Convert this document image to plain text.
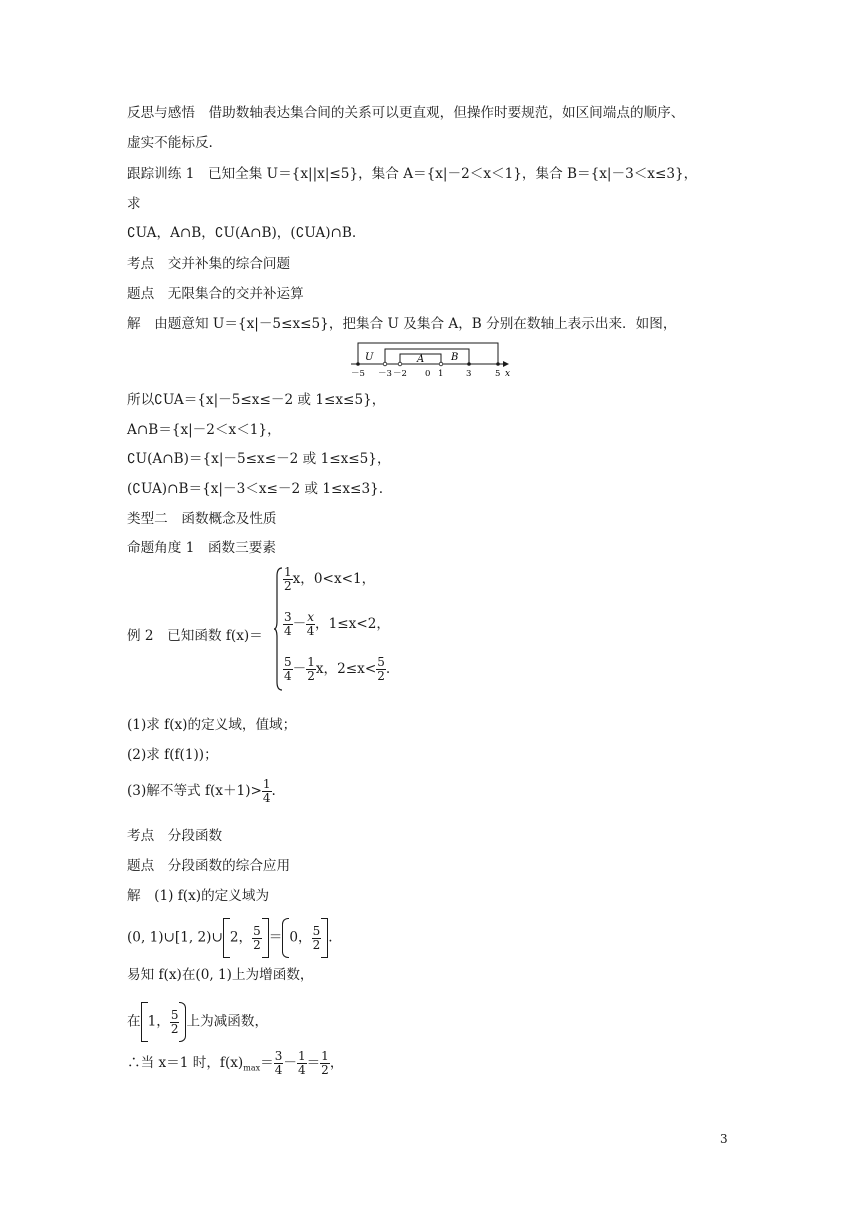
反思与感悟　借助数轴表达集合间的关系可以更直观，但操作时要规范，如区间端点的顺序、
虚实不能标反.
跟踪训练 1　已知全集 U＝{x||x|≤5}，集合 A＝{x|－2＜x＜1}，集合 B＝{x|－3＜x≤3}，
求
∁UA，A∩B，∁U(A∩B)，(∁UA)∩B.
考点　交并补集的综合问题
题点　无限集合的交并补运算
解　由题意知 U＝{x|－5≤x≤5}，把集合 U 及集合 A，B 分别在数轴上表示出来．如图，
U	A	B
－5 －3 －2 0 1	3	5 x
所以∁UA＝{x|－5≤x≤－2 或 1≤x≤5}，
A∩B＝{x|－2＜x＜1}，
∁U(A∩B)＝{x|－5≤x≤－2 或 1≤x≤5}，
(∁UA)∩B＝{x|－3＜x≤－2 或 1≤x≤3}.
类型二　函数概念及性质
命题角度 1　函数三要素
例 2　已知函数 f(x)＝
$\frac{1}{2}$ x，0<x<1，
$\frac{3}{4} - \frac{x}{4}$ ，1≤x<2，
$\frac{5}{4} - \frac{1}{2}$ x，$2\le x< \frac{5}{2}$ .
(1)求 f(x)的定义域，值域；
(2)求 f(f(1))；
(3)解不等式 $f(x+1)> \frac{1}{4}$ .
考点　分段函数
题点　分段函数的综合应用
解　(1) f(x)的定义域为
(0, 1)∪[1, 2)∪ 2， $\frac{5}{2} = 0$， $\frac{5}{2}$ .
易知 f(x)在(0, 1)上为增函数，
在 1， $\frac{5}{2}$ 上为减函数，
∴当 x＝1 时，$f(x)_{max}= \frac{3}{4} - \frac{1}{4} = \frac{1}{2}$ ，
3
